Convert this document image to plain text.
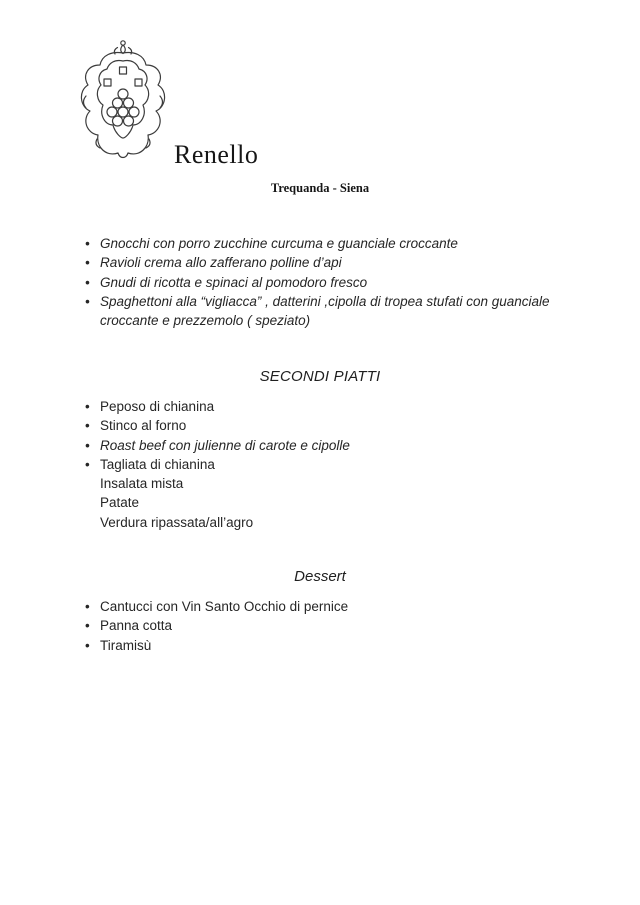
Renello
Trequanda - Siena
• Gnocchi con porro zucchine curcuma e guanciale croccante
• Ravioli crema allo zafferano polline d’api
• Gnudi di ricotta e spinaci al pomodoro fresco
• Spaghettoni alla “vigliacca” , datterini ,cipolla di tropea stufati con guanciale croccante e prezzemolo ( speziato)
SECONDI PIATTI
• Peposo di chianina
• Stinco al forno
• Roast beef con julienne di carote e cipolle
• Tagliata di chianina
Insalata mista
Patate
Verdura ripassata/all’agro
Dessert
• Cantucci con Vin Santo Occhio di pernice
• Panna cotta
• Tiramisù
